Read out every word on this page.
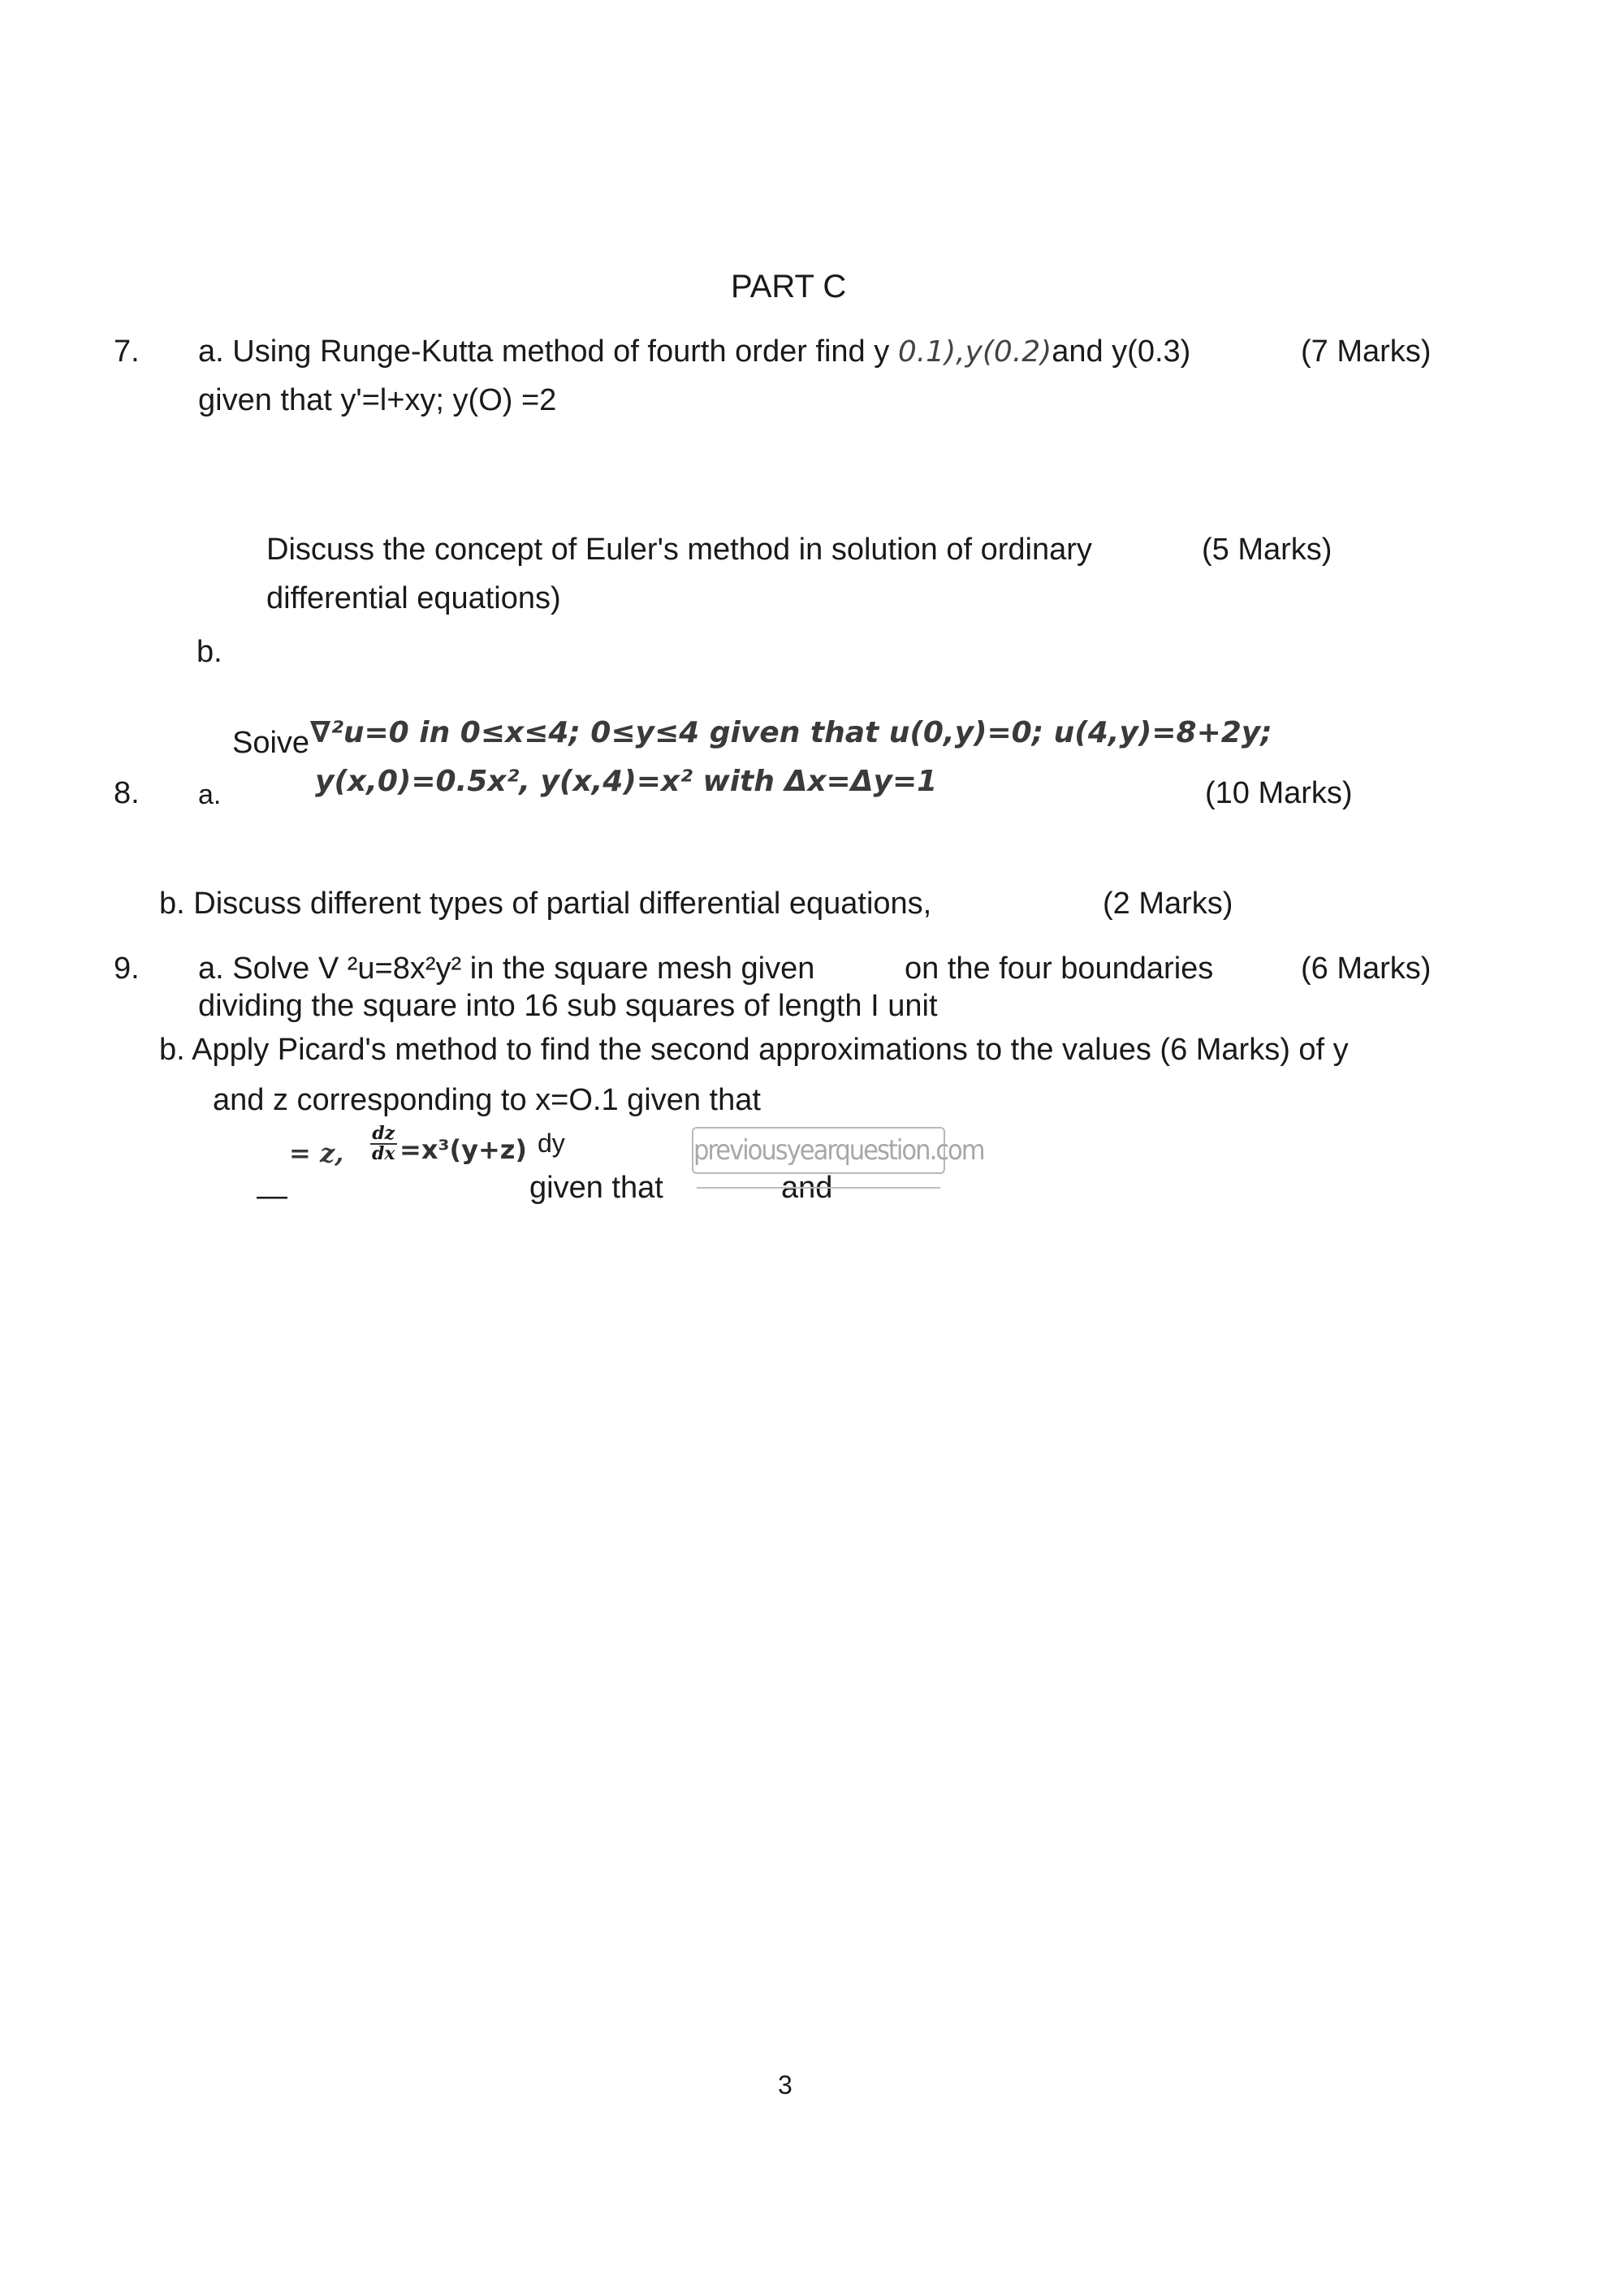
PART C
7. a. Using Runge-Kutta method of fourth order find y 0.1),y(0.2)and y(0.3)	(7 Marks)
given that y'=l+xy; y(O) =2
Discuss the concept of Euler's method in solution of ordinary	(5 Marks)
differential equations)
b.
Soive ∇²u=0 in 0≤x≤4; 0≤y≤4 given that u(0,y)=0; u(4,y)=8+2y;
8. a.	y(x,0)=0.5x², y(x,4)=x² with Δx=Δy=1	(10 Marks)
b. Discuss different types of partial differential equations,	(2 Marks)
9. a. Solve V ²u=8x²y² in the square mesh given	on the four boundaries	(6 Marks)
dividing the square into 16 sub squares of length I unit
b. Apply Picard's method to find the second approximations to the values (6 Marks) of y
and z corresponding to x=O.1 given that
= z, $\frac{dz}{dx} =x^3(y+z)$ dy
—	given that	and
previousyearquestion.com
3
